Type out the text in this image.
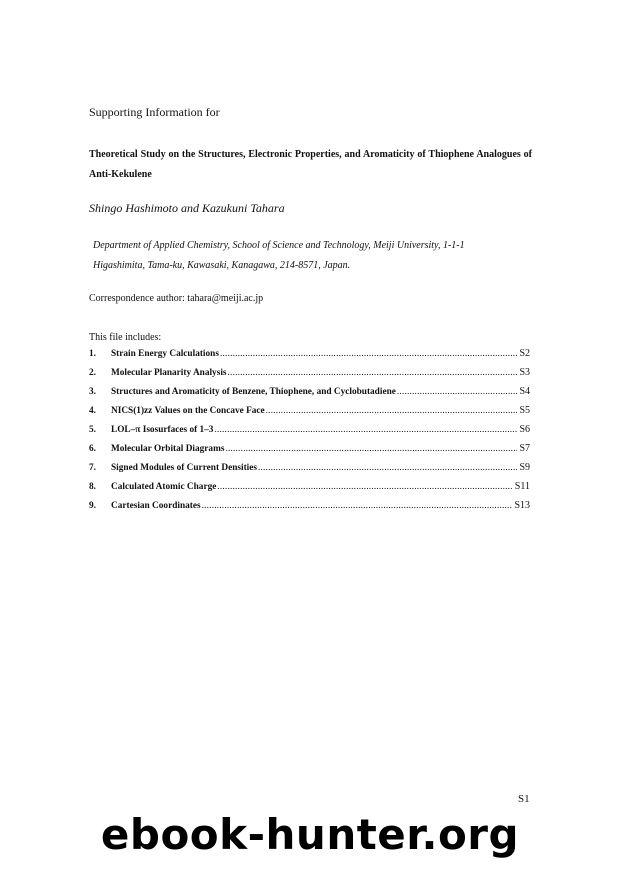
Supporting Information for
Theoretical Study on the Structures, Electronic Properties, and Aromaticity of Thiophene Analogues of Anti-Kekulene
Shingo Hashimoto and Kazukuni Tahara
Department of Applied Chemistry, School of Science and Technology, Meiji University, 1-1-1
Higashimita, Tama-ku, Kawasaki, Kanagawa, 214-8571, Japan.
Correspondence author: tahara@meiji.ac.jp
This file includes:
1.	Strain Energy Calculations .....	S2
2.	Molecular Planarity Analysis .....	S3
3.	Structures and Aromaticity of Benzene, Thiophene, and Cyclobutadiene .....	S4
4.	NICS(1)zz Values on the Concave Face .....	S5
5.	LOL–π Isosurfaces of 1–3 .....	S6
6.	Molecular Orbital Diagrams .....	S7
7.	Signed Modules of Current Densities .....	S9
8.	Calculated Atomic Charge .....	S11
9.	Cartesian Coordinates .....	S13
S1
ebook-hunter.org
